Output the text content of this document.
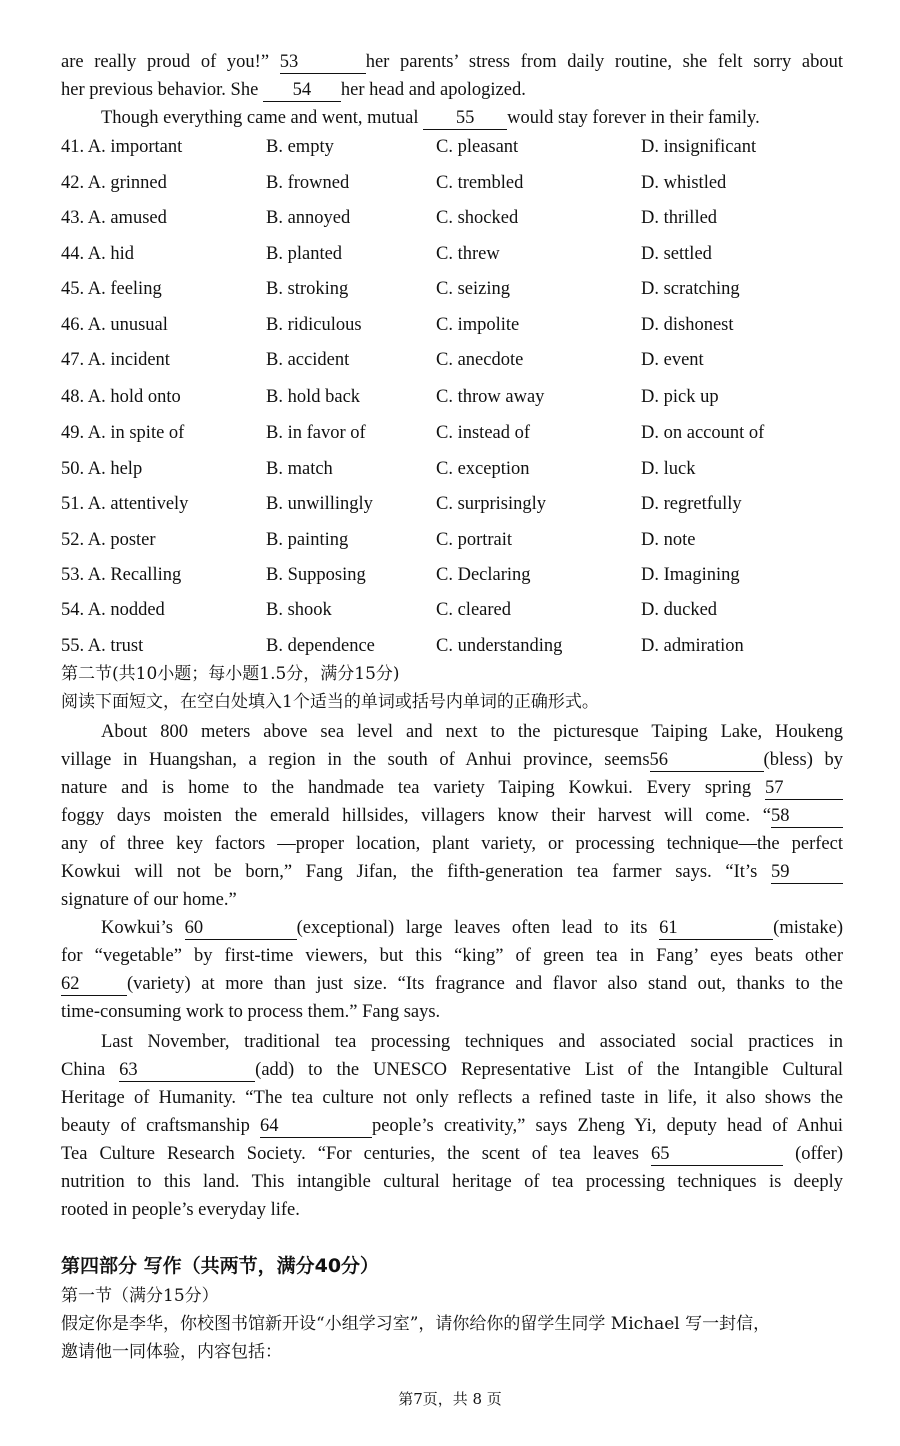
are really proud of you!” 53	her parents’ stress from daily routine, she felt sorry about
her previous behavior. She 54 her head and apologized.
Though everything came and went, mutual 55 would stay forever in their family.
41. A. important	B. empty	C. pleasant	D. insignificant
42. A. grinned	B. frowned	C. trembled	D. whistled
43. A. amused	B. annoyed	C. shocked	D. thrilled
44. A. hid	B. planted	C. threw	D. settled
45. A. feeling	B. stroking	C. seizing	D. scratching
46. A. unusual	B. ridiculous	C. impolite	D. dishonest
47. A. incident	B. accident	C. anecdote	D. event
48. A. hold onto	B. hold back	C. throw away	D. pick up
49. A. in spite of	B. in favor of	C. instead of	D. on account of
50. A. help	B. match	C. exception	D. luck
51. A. attentively	B. unwillingly	C. surprisingly	D. regretfully
52. A. poster	B. painting	C. portrait	D. note
53. A. Recalling	B. Supposing	C. Declaring	D. Imagining
54. A. nodded	B. shook	C. cleared	D. ducked
55. A. trust	B. dependence	C. understanding	D. admiration
第二节(共10小题；每小题1.5分，满分15分)
阅读下面短文，在空白处填入1个适当的单词或括号内单词的正确形式。
About 800 meters above sea level and next to the picturesque Taiping Lake, Houkeng
village in Huangshan, a region in the south of Anhui province, seems56	(bless) by
nature and is home to the handmade tea variety Taiping Kowkui. Every spring 57
foggy days moisten the emerald hillsides, villagers know their harvest will come. “58
any of three key factors —proper location, plant variety, or processing technique—the perfect
Kowkui will not be born,” Fang Jifan, the fifth-generation tea farmer says. “It’s 59
signature of our home.”
Kowkui’s 60	(exceptional) large leaves often lead to its 61	(mistake)
for “vegetable” by first-time viewers, but this “king” of green tea in Fang’ eyes beats other
62	(variety) at more than just size. “Its fragrance and flavor also stand out, thanks to the
time-consuming work to process them.” Fang says.
Last November, traditional tea processing techniques and associated social practices in
China 63	(add) to the UNESCO Representative List of the Intangible Cultural
Heritage of Humanity. “The tea culture not only reflects a refined taste in life, it also shows the
beauty of craftsmanship 64	people’s creativity,” says Zheng Yi, deputy head of Anhui
Tea Culture Research Society. “For centuries, the scent of tea leaves 65	(offer)
nutrition to this land. This intangible cultural heritage of tea processing techniques is deeply
rooted in people’s everyday life.
第四部分 写作（共两节，满分40分）
第一节（满分15分）
假定你是李华，你校图书馆新开设“小组学习室”，请你给你的留学生同学 Michael 写一封信，
邀请他一同体验，内容包括：
第7页，共 8 页
